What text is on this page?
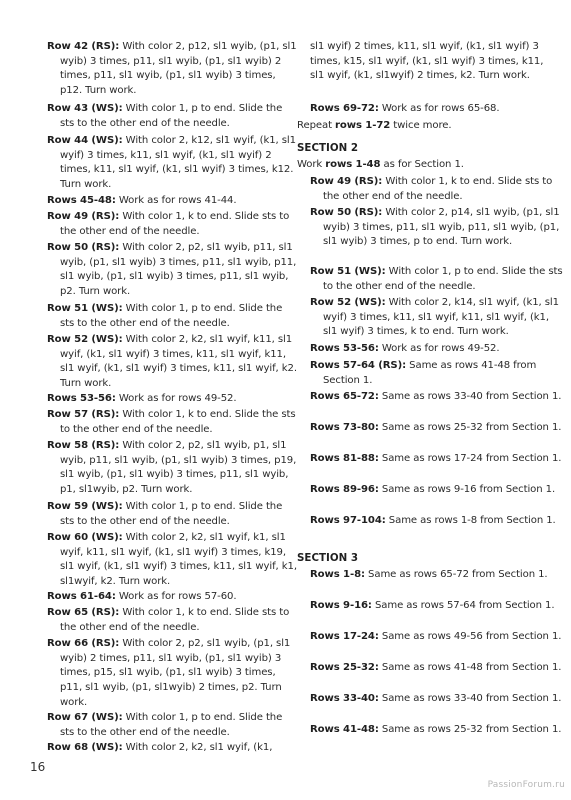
Row 42 (RS): With color 2, p12, sl1 wyib, (p1, sl1 wyib) 3 times, p11, sl1 wyib, (p1, sl1 wyib) 2 times, p11, sl1 wyib, (p1, sl1 wyib) 3 times, p12. Turn work.

Row 43 (WS): With color 1, p to end. Slide the sts to the other end of the needle.

Row 44 (WS): With color 2, k12, sl1 wyif, (k1, sl1 wyif) 3 times, k11, sl1 wyif, (k1, sl1 wyif) 2 times, k11, sl1 wyif, (k1, sl1 wyif) 3 times, k12. Turn work.

Rows 45-48: Work as for rows 41-44.

Row 49 (RS): With color 1, k to end. Slide sts to the other end of the needle.

Row 50 (RS): With color 2, p2, sl1 wyib, p11, sl1 wyib, (p1, sl1 wyib) 3 times, p11, sl1 wyib, p11, sl1 wyib, (p1, sl1 wyib) 3 times, p11, sl1 wyib, p2. Turn work.

Row 51 (WS): With color 1, p to end. Slide the sts to the other end of the needle.

Row 52 (WS): With color 2, k2, sl1 wyif, k11, sl1 wyif, (k1, sl1 wyif) 3 times, k11, sl1 wyif, k11, sl1 wyif, (k1, sl1 wyif) 3 times, k11, sl1 wyif, k2. Turn work.

Rows 53-56: Work as for rows 49-52.

Row 57 (RS): With color 1, k to end. Slide the sts to the other end of the needle.

Row 58 (RS): With color 2, p2, sl1 wyib, p1, sl1 wyib, p11, sl1 wyib, (p1, sl1 wyib) 3 times, p19, sl1 wyib, (p1, sl1 wyib) 3 times, p11, sl1 wyib, p1, sl1wyib, p2. Turn work.

Row 59 (WS): With color 1, p to end. Slide the sts to the other end of the needle.

Row 60 (WS): With color 2, k2, sl1 wyif, k1, sl1 wyif, k11, sl1 wyif, (k1, sl1 wyif) 3 times, k19, sl1 wyif, (k1, sl1 wyif) 3 times, k11, sl1 wyif, k1, sl1wyif, k2. Turn work.

Rows 61-64: Work as for rows 57-60.

Row 65 (RS): With color 1, k to end. Slide sts to the other end of the needle.

Row 66 (RS): With color 2, p2, sl1 wyib, (p1, sl1 wyib) 2 times, p11, sl1 wyib, (p1, sl1 wyib) 3 times, p15, sl1 wyib, (p1, sl1 wyib) 3 times, p11, sl1 wyib, (p1, sl1wyib) 2 times, p2. Turn work.

Row 67 (WS): With color 1, p to end. Slide the sts to the other end of the needle.

Row 68 (WS): With color 2, k2, sl1 wyif, (k1,

sl1 wyif) 2 times, k11, sl1 wyif, (k1, sl1 wyif) 3 times, k15, sl1 wyif, (k1, sl1 wyif) 3 times, k11, sl1 wyif, (k1, sl1wyif) 2 times, k2. Turn work.

Rows 69-72: Work as for rows 65-68.

Repeat rows 1-72 twice more.

SECTION 2

Work rows 1-48 as for Section 1.

Row 49 (RS): With color 1, k to end. Slide sts to the other end of the needle.

Row 50 (RS): With color 2, p14, sl1 wyib, (p1, sl1 wyib) 3 times, p11, sl1 wyib, p11, sl1 wyib, (p1, sl1 wyib) 3 times, p to end. Turn work.

Row 51 (WS): With color 1, p to end. Slide the sts to the other end of the needle.

Row 52 (WS): With color 2, k14, sl1 wyif, (k1, sl1 wyif) 3 times, k11, sl1 wyif, k11, sl1 wyif, (k1, sl1 wyif) 3 times, k to end. Turn work.

Rows 53-56: Work as for rows 49-52.

Rows 57-64 (RS): Same as rows 41-48 from Section 1.

Rows 65-72: Same as rows 33-40 from Section 1.

Rows 73-80: Same as rows 25-32 from Section 1.

Rows 81-88: Same as rows 17-24 from Section 1.

Rows 89-96: Same as rows 9-16 from Section 1.

Rows 97-104: Same as rows 1-8 from Section 1.

SECTION 3

Rows 1-8: Same as rows 65-72 from Section 1.

Rows 9-16: Same as rows 57-64 from Section 1.

Rows 17-24: Same as rows 49-56 from Section 1.

Rows 25-32: Same as rows 41-48 from Section 1.

Rows 33-40: Same as rows 33-40 from Section 1.

Rows 41-48: Same as rows 25-32 from Section 1.

16
PassionForum.ru
